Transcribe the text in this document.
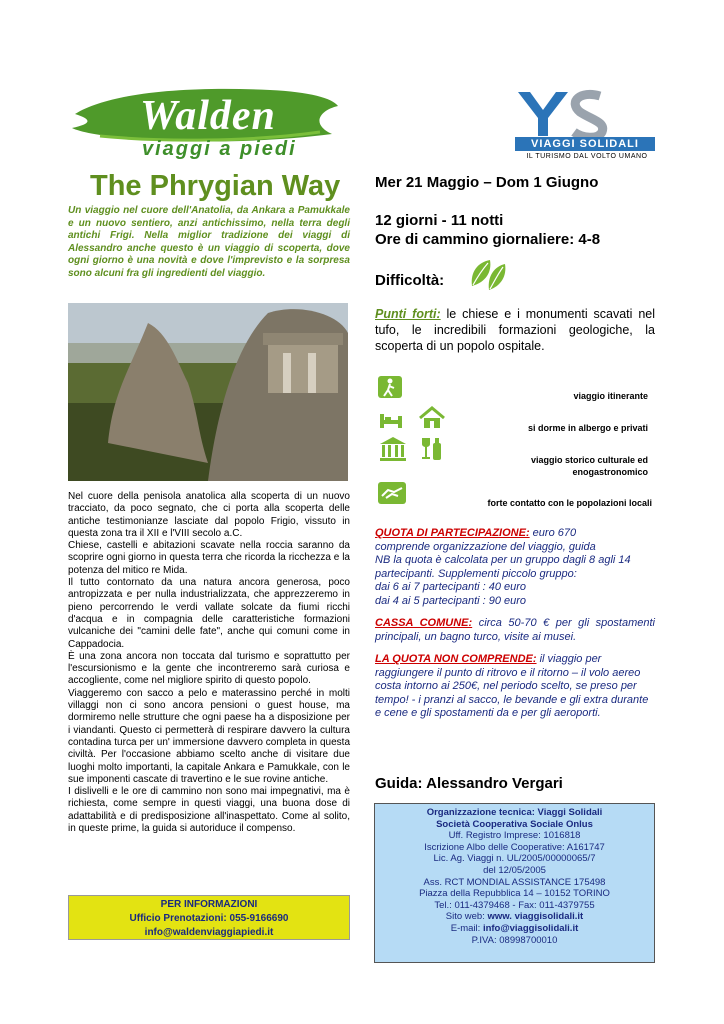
Walden
viaggi a piedi	VIAGGI SOLIDALI
IL TURISMO DAL VOLTO UMANO
The Phrygian Way
Un viaggio nel cuore dell'Anatolia, da Ankara a Pamukkale e un nuovo sentiero, anzi antichissimo, nella terra degli antichi Frigi. Nella miglior tradizione dei viaggi di Alessandro anche questo è un viaggio di scoperta, dove ogni giorno è una novità e dove l'imprevisto e la sorpresa sono alcuni fra gli ingredienti del viaggio.

Nel cuore della penisola anatolica alla scoperta di un nuovo tracciato, da poco segnato, che ci porta alla scoperta delle antiche testimonianze lasciate dal popolo Frigio, vissuto in questa zona tra il XII e l'VIII secolo a.C.

Chiese, castelli e abitazioni scavate nella roccia saranno da scoprire ogni giorno in questa terra che ricorda la ricchezza e la potenza del mitico re Mida.

Il tutto contornato da una natura ancora generosa, poco antropizzata e per nulla industrializzata, che apprezzeremo in pieno percorrendo le verdi vallate solcate da fiumi ricchi d'acqua e in compagnia delle caratteristiche formazioni vulcaniche dei "camini delle fate", anche qui comuni come in Cappadocia.

È una zona ancora non toccata dal turismo e soprattutto per l'escursionismo e la gente che incontreremo sarà curiosa e accogliente, come nel migliore spirito di questo popolo.

Viaggeremo con sacco a pelo e materassino perché in molti villaggi non ci sono ancora pensioni o guest house, ma dormiremo nelle strutture che ogni paese ha a disposizione per i viandanti. Questo ci permetterà di respirare davvero la cultura contadina turca per un' immersione davvero completa in questa civiltà. Per l'occasione abbiamo scelto anche di visitare due luoghi molto importanti, la capitale Ankara e Pamukkale, con le sue imponenti cascate di travertino e le sue rovine antiche.

I dislivelli e le ore di cammino non sono mai impegnativi, ma è richiesta, come sempre in questi viaggi, una buona dose di adattabilità e di predisposizione all'inaspettato. Come al solito, in queste prime, la guida si autoriduce il compenso.

PER INFORMAZIONI
Ufficio Prenotazioni: 055-9166690
info@waldenviaggiapiedi.it
Mer 21 Maggio – Dom 1 Giugno
12 giorni - 11 notti
Ore di cammino giornaliere: 4-8
Difficoltà:
Punti forti: le chiese e i monumenti scavati nel tufo, le incredibili formazioni geologiche, la scoperta di un popolo ospitale.
viaggio itinerante
si dorme in albergo e privati
viaggio storico culturale ed enogastronomico
forte contatto con le popolazioni locali

QUOTA DI PARTECIPAZIONE: euro 670
comprende organizzazione del viaggio, guida
NB la quota è calcolata per un gruppo dagli 8 agli 14 partecipanti. Supplementi piccolo gruppo:
dai 6 ai 7 partecipanti : 40 euro
dai 4 ai 5 partecipanti : 90 euro

CASSA COMUNE: circa 50-70 € per gli spostamenti principali, un bagno turco, visite ai musei.

LA QUOTA NON COMPRENDE: il viaggio per raggiungere il punto di ritrovo e il ritorno – il volo aereo costa intorno ai 250€, nel periodo scelto, se preso per tempo! - i pranzi al sacco, le bevande e gli extra durante e cene e gli spostamenti da e per gli aeroporti.

Guida: Alessandro Vergari
Organizzazione tecnica: Viaggi Solidali
Società Cooperativa Sociale Onlus
Uff. Registro Imprese: 1016818
Iscrizione Albo delle Cooperative: A161747
Lic. Ag. Viaggi n. UL/2005/00000065/7
del 12/05/2005
Ass. RCT MONDIAL ASSISTANCE 175498
Piazza della Repubblica 14 – 10152 TORINO
Tel.: 011-4379468 - Fax: 011-4379755
Sito web: www. viaggisolidali.it
E-mail: info@viaggisolidali.it
P.IVA: 08998700010
